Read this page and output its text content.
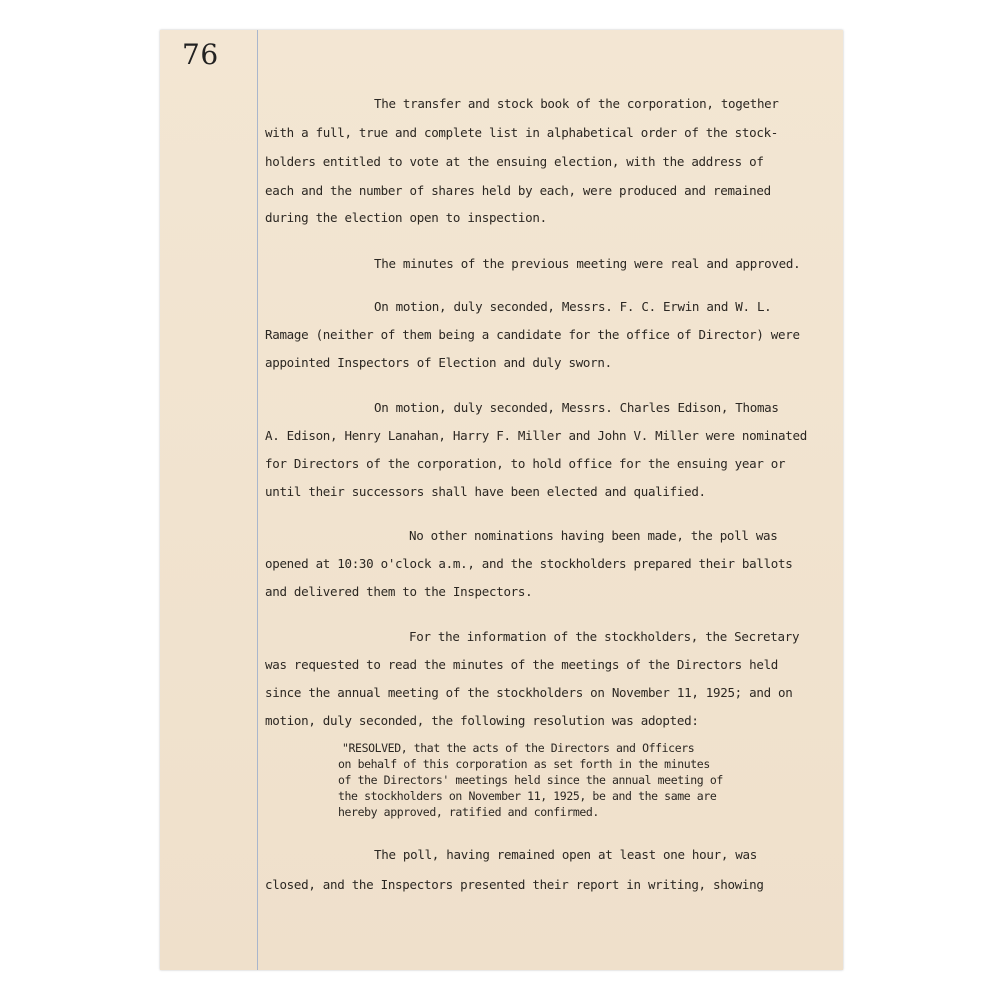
76
The transfer and stock book of the corporation, together
with a full, true and complete list in alphabetical order of the stock-
holders entitled to vote at the ensuing election, with the address of
each and the number of shares held by each, were produced and remained
during the election open to inspection.
The minutes of the previous meeting were real and approved.
On motion, duly seconded, Messrs. F. C. Erwin and W. L.
Ramage (neither of them being a candidate for the office of Director) were
appointed Inspectors of Election and duly sworn.
On motion, duly seconded, Messrs. Charles Edison, Thomas
A. Edison, Henry Lanahan, Harry F. Miller and John V. Miller were nominated
for Directors of the corporation, to hold office for the ensuing year or
until their successors shall have been elected and qualified.
No other nominations having been made, the poll was
opened at 10:30 o'clock a.m., and the stockholders prepared their ballots
and delivered them to the Inspectors.
For the information of the stockholders, the Secretary
was requested to read the minutes of the meetings of the Directors held
since the annual meeting of the stockholders on November 11, 1925; and on
motion, duly seconded, the following resolution was adopted:
"RESOLVED, that the acts of the Directors and Officers
on behalf of this corporation as set forth in the minutes
of the Directors' meetings held since the annual meeting of
the stockholders on November 11, 1925, be and the same are
hereby approved, ratified and confirmed.
The poll, having remained open at least one hour, was
closed, and the Inspectors presented their report in writing, showing
